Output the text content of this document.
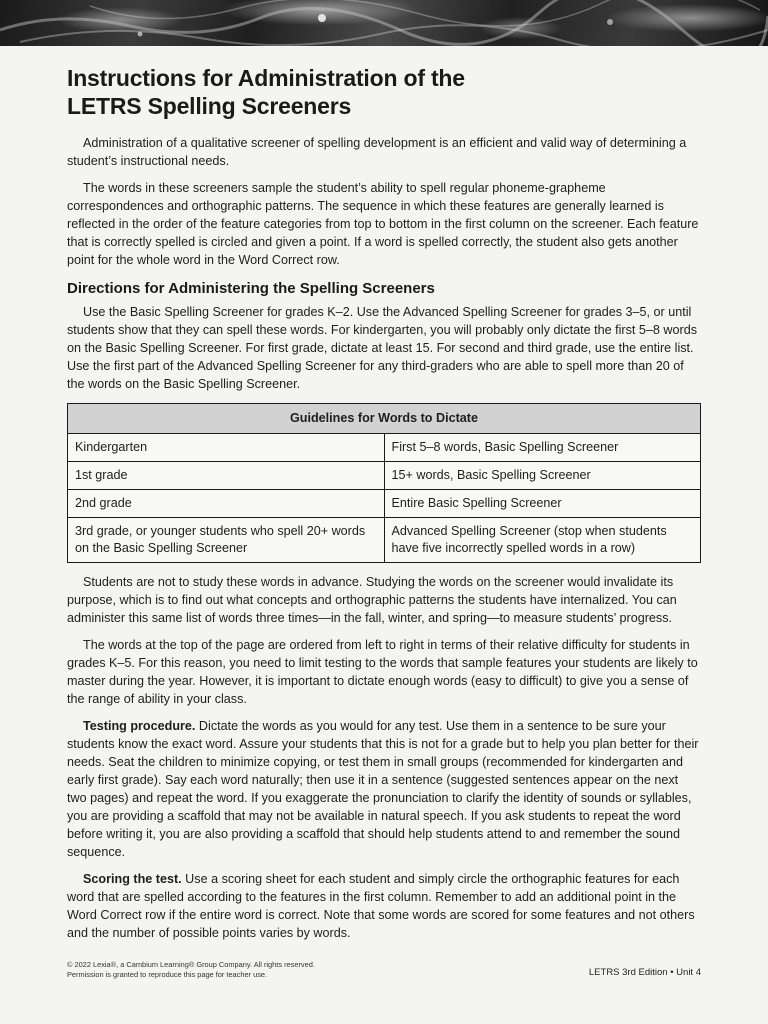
Instructions for Administration of the
LETRS Spelling Screeners

Administration of a qualitative screener of spelling development is an efficient and valid way of determining a student’s instructional needs.

The words in these screeners sample the student’s ability to spell regular phoneme-grapheme correspondences and orthographic patterns. The sequence in which these features are generally learned is reflected in the order of the feature categories from top to bottom in the first column on the screener. Each feature that is correctly spelled is circled and given a point. If a word is spelled correctly, the student also gets another point for the whole word in the Word Correct row.

Directions for Administering the Spelling Screeners

Use the Basic Spelling Screener for grades K–2. Use the Advanced Spelling Screener for grades 3–5, or until students show that they can spell these words. For kindergarten, you will probably only dictate the first 5–8 words on the Basic Spelling Screener. For first grade, dictate at least 15. For second and third grade, use the entire list. Use the first part of the Advanced Spelling Screener for any third-graders who are able to spell more than 20 of the words on the Basic Spelling Screener.

Guidelines for Words to Dictate	
Kindergarten	First 5–8 words, Basic Spelling Screener
1st grade	15+ words, Basic Spelling Screener
2nd grade	Entire Basic Spelling Screener
3rd grade, or younger students who spell 20+ words on the Basic Spelling Screener	Advanced Spelling Screener (stop when students have five incorrectly spelled words in a row)

Students are not to study these words in advance. Studying the words on the screener would invalidate its purpose, which is to find out what concepts and orthographic patterns the students have internalized. You can administer this same list of words three times—in the fall, winter, and spring—to measure students’ progress.

The words at the top of the page are ordered from left to right in terms of their relative difficulty for students in grades K–5. For this reason, you need to limit testing to the words that sample features your students are likely to master during the year. However, it is important to dictate enough words (easy to difficult) to give you a sense of the range of ability in your class.

Testing procedure. Dictate the words as you would for any test. Use them in a sentence to be sure your students know the exact word. Assure your students that this is not for a grade but to help you plan better for their needs. Seat the children to minimize copying, or test them in small groups (recommended for kindergarten and early first grade). Say each word naturally; then use it in a sentence (suggested sentences appear on the next two pages) and repeat the word. If you exaggerate the pronunciation to clarify the identity of sounds or syllables, you are providing a scaffold that may not be available in natural speech. If you ask students to repeat the word before writing it, you are also providing a scaffold that should help students attend to and remember the sound sequence.

Scoring the test. Use a scoring sheet for each student and simply circle the orthographic features for each word that are spelled according to the features in the first column. Remember to add an additional point in the Word Correct row if the entire word is correct. Note that some words are scored for some features and not others and the number of possible points varies by words.

© 2022 Lexia®, a Cambium Learning® Group Company. All rights reserved.
Permission is granted to reproduce this page for teacher use.	LETRS 3rd Edition • Unit 4
